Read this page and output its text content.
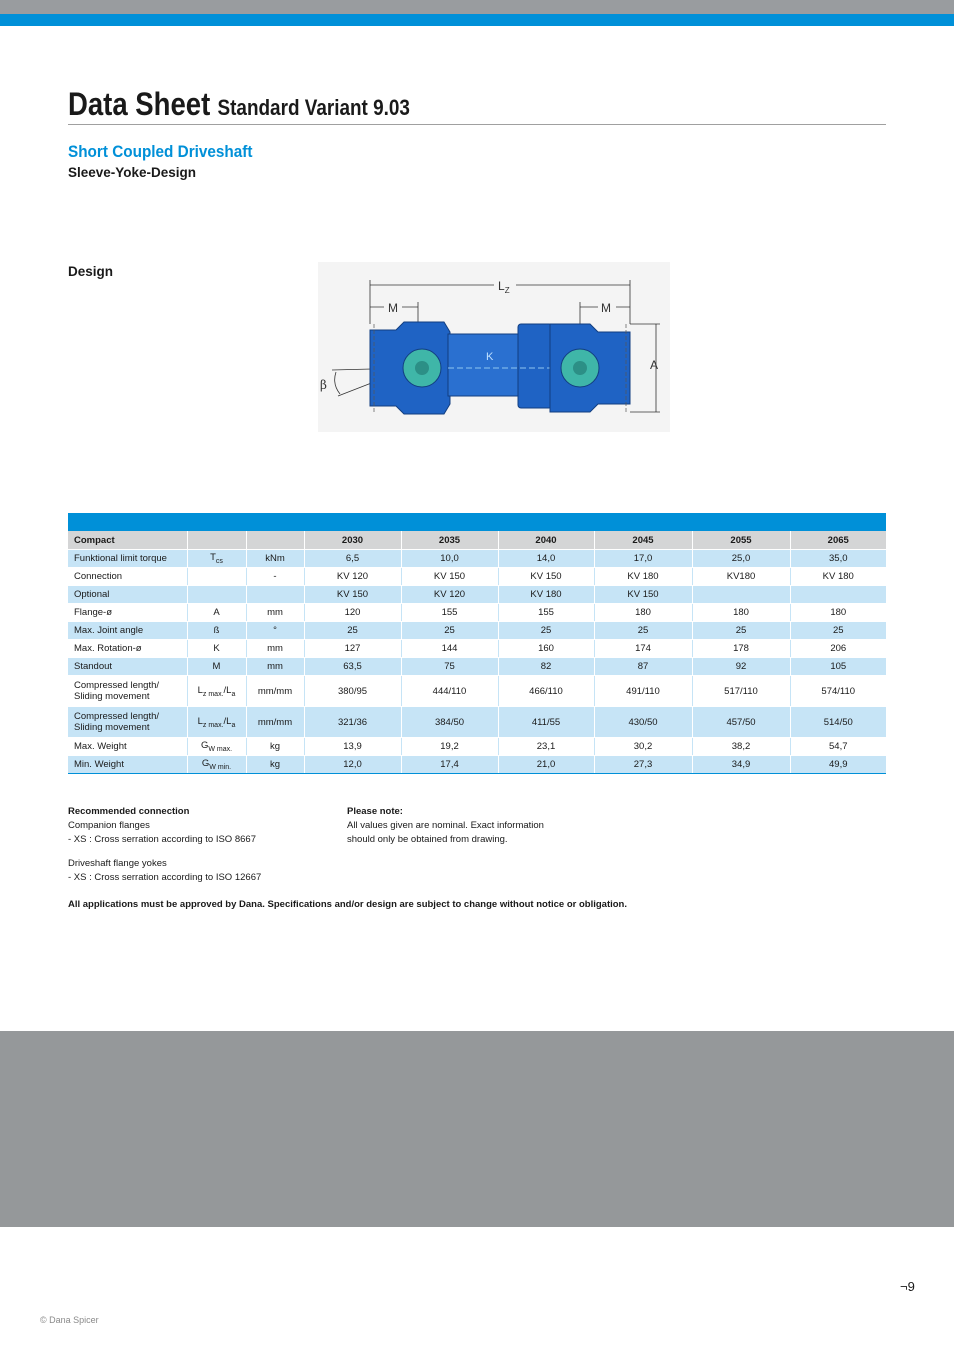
Data Sheet Standard Variant 9.03
Short Coupled Driveshaft
Sleeve-Yoke-Design
Design
$L_Z$
M	M
A
β
K
Compact			2030	2035	2040	2045	2055	2065
Funktional limit torque	$T_{cs}$	kNm	6,5	10,0	14,0	17,0	25,0	35,0
Connection		-	KV 120	KV 150	KV 150	KV 180	KV180	KV 180
Optional			KV 150	KV 120	KV 180	KV 150		
Flange-ø	A	mm	120	155	155	180	180	180
Max. Joint angle	ß	°	25	25	25	25	25	25
Max. Rotation-ø	K	mm	127	144	160	174	178	206
Standout	M	mm	63,5	75	82	87	92	105
Compressed length/
Sliding movement	$L_{z max.}/L_a$	mm/mm	380/95	444/110	466/110	491/110	517/110	574/110
Compressed length/
Sliding movement	$L_{z max.}/L_a$	mm/mm	321/36	384/50	411/55	430/50	457/50	514/50
Max. Weight	$G_{W max.}$	kg	13,9	19,2	23,1	30,2	38,2	54,7
Min. Weight	$G_{W min.}$	kg	12,0	17,4	21,0	27,3	34,9	49,9
Recommended connection
Companion flanges
- XS : Cross serration according to ISO 8667
Driveshaft flange yokes
- XS : Cross serration according to ISO 12667
Please note:
All values given are nominal. Exact information
should only be obtained from drawing.
All applications must be approved by Dana. Specifications and/or design are subject to change without notice or obligation.
¬9
© Dana Spicer
